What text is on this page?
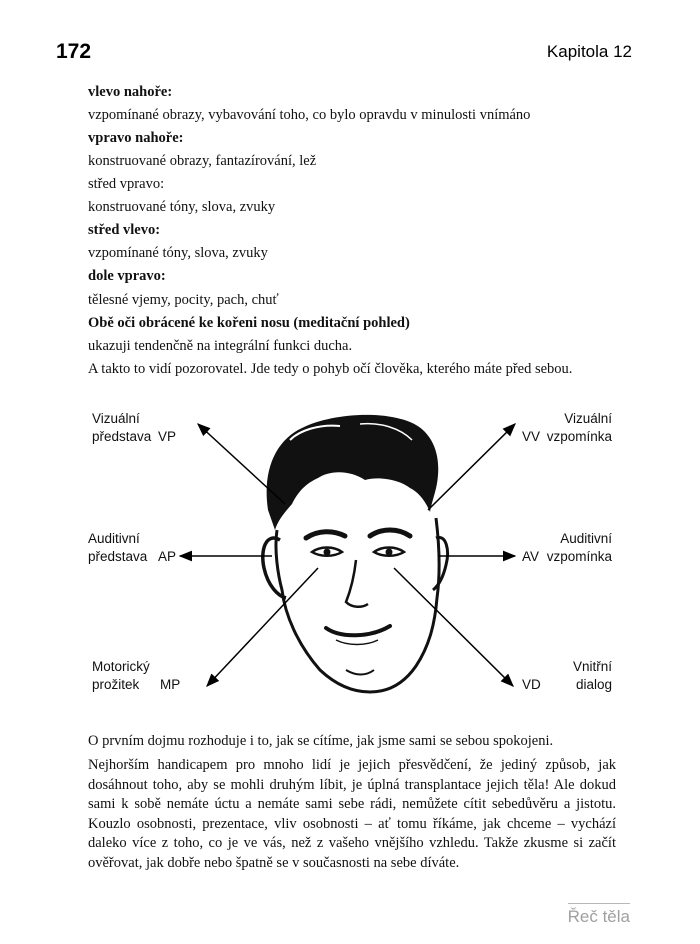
172	Kapitola 12
vlevo nahoře:
vzpomínané obrazy, vybavování toho, co bylo opravdu v minulosti vnímáno
vpravo nahoře:
konstruované obrazy, fantazírování, lež
střed vpravo:
konstruované tóny, slova, zvuky
střed vlevo:
vzpomínané tóny, slova, zvuky
dole vpravo:
tělesné vjemy, pocity, pach, chuť
Obě oči obrácené ke kořeni nosu (meditační pohled)
ukazuji tendenčně na integrální funkci ducha.
A takto to vidí pozorovatel. Jde tedy o pohyb očí člověka, kterého máte před sebou.
Vizuální
představa VP
Auditivní
představa AP
Motorický
prožitek	MP
Vizuální
vzpomínka
VV
Auditivní
vzpomínka
AV
Vnitřní
dialog
VD
O prvním dojmu rozhoduje i to, jak se cítíme, jak jsme sami se sebou spokojeni.
Nejhorším handicapem pro mnoho lidí je jejich přesvědčení, že jediný způsob, jak dosáhnout toho, aby se mohli druhým líbit, je úplná transplantace jejich těla! Ale dokud sami k sobě nemáte úctu a nemáte sami sebe rádi, nemůžete cítit sebedůvěru a jistotu. Kouzlo osobnosti, prezentace, vliv osobnosti – ať tomu říkáme, jak chceme – vychází daleko více z toho, co je ve vás, než z vašeho vnějšího vzhledu. Takže zkusme si začít ověřovat, jak dobře nebo špatně se v současnosti na sebe díváte.
Řeč těla
